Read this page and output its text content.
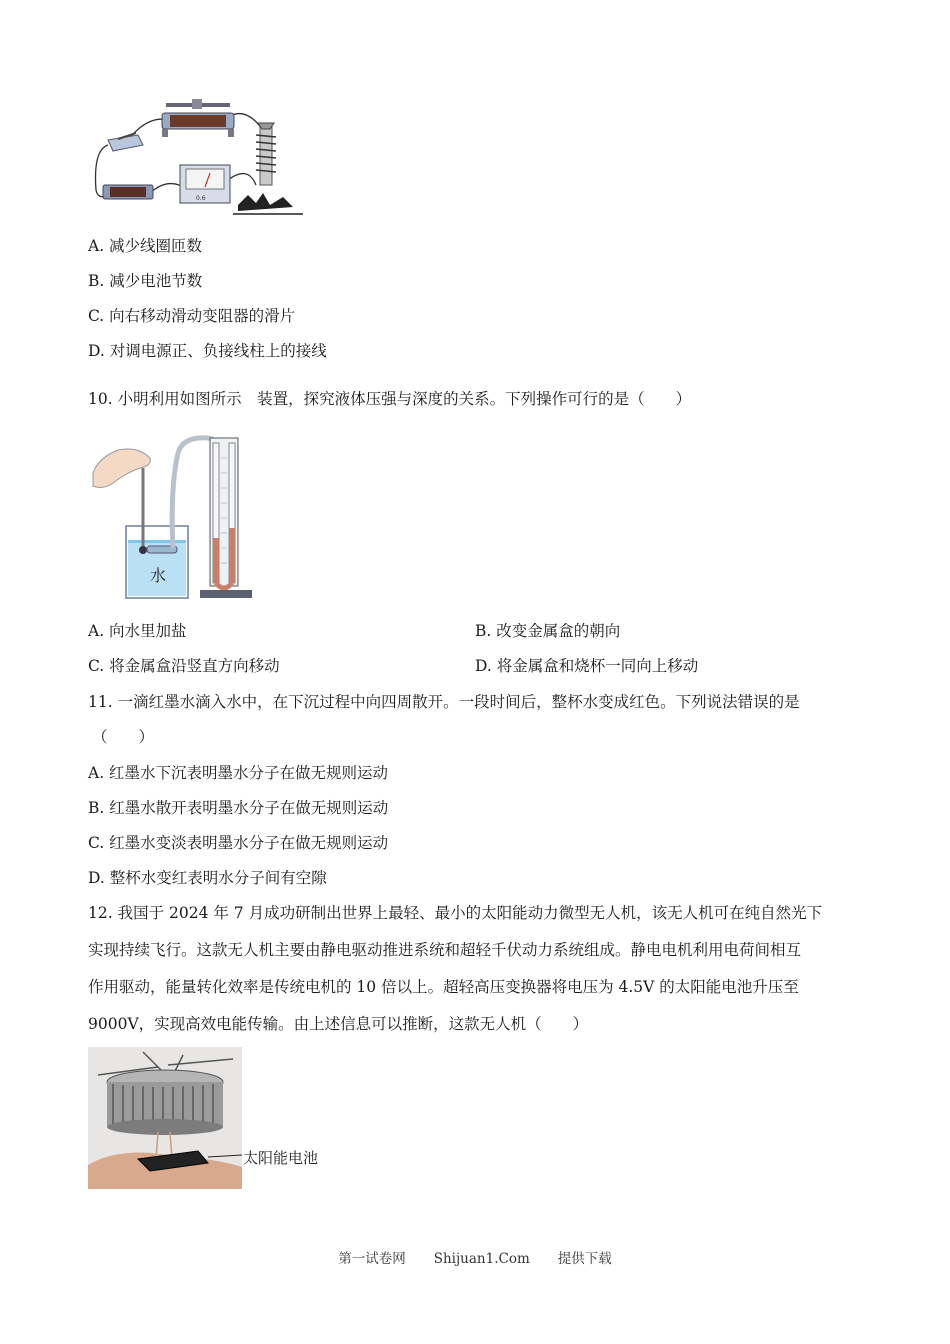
0.6
A. 减少线圈匝数
B. 减少电池节数
C. 向右移动滑动变阻器的滑片
D. 对调电源正、负接线柱上的接线
10. 小明利用如图所示　装置，探究液体压强与深度的关系。下列操作可行的是（　　）
水
A. 向水里加盐	B. 改变金属盒的朝向
C. 将金属盒沿竖直方向移动	D. 将金属盒和烧杯一同向上移动
11. 一滴红墨水滴入水中，在下沉过程中向四周散开。一段时间后，整杯水变成红色。下列说法错误的是
（　　）
A. 红墨水下沉表明墨水分子在做无规则运动
B. 红墨水散开表明墨水分子在做无规则运动
C. 红墨水变淡表明墨水分子在做无规则运动
D. 整杯水变红表明水分子间有空隙
12. 我国于 2024 年 7 月成功研制出世界上最轻、最小的太阳能动力微型无人机，该无人机可在纯自然光下
实现持续飞行。这款无人机主要由静电驱动推进系统和超轻千伏动力系统组成。静电电机利用电荷间相互
作用驱动，能量转化效率是传统电机的 10 倍以上。超轻高压变换器将电压为 4.5V 的太阳能电池升压至
9000V，实现高效电能传输。由上述信息可以推断，这款无人机（　　）
太阳能电池
第一试卷网 Shijuan1.Com 提供下载
